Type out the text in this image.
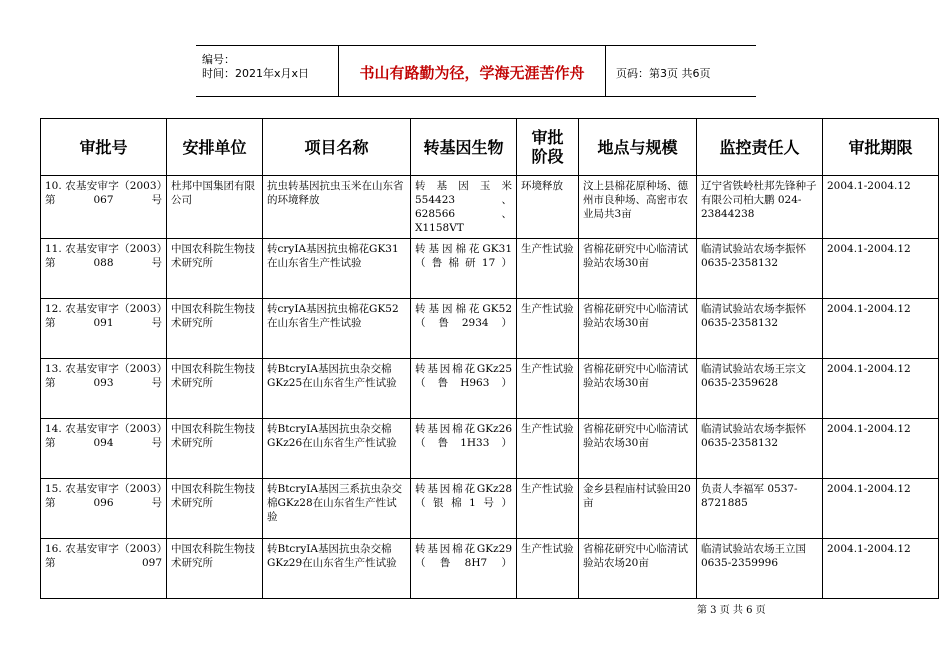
编号：
时间：2021年x月x日	书山有路勤为径，学海无涯苦作舟	页码：第3页 共6页
审批号	安排单位	项目名称	转基因生物	审批阶段	地点与规模	监控责任人	审批期限
10. 农基安审字（2003）第067号	杜邦中国集团有限公司	抗虫转基因抗虫玉米在山东省的环境释放	转基因玉米554423、628566、X1158VT	环境释放	汶上县棉花原种场、德州市良种场、高密市农业局共3亩	辽宁省铁岭杜邦先锋种子有限公司柏大鹏 024-23844238	2004.1-2004.12
11. 农基安审字（2003）第088号	中国农科院生物技术研究所	转cryIA基因抗虫棉花GK31在山东省生产性试验	转基因棉花GK31（鲁棉研17）	生产性试验	省棉花研究中心临清试验站农场30亩	临清试验站农场李振怀 0635-2358132	2004.1-2004.12
12. 农基安审字（2003）第091号	中国农科院生物技术研究所	转cryIA基因抗虫棉花GK52在山东省生产性试验	转基因棉花GK52（鲁2934）	生产性试验	省棉花研究中心临清试验站农场30亩	临清试验站农场李振怀 0635-2358132	2004.1-2004.12
13. 农基安审字（2003）第093号	中国农科院生物技术研究所	转BtcryIA基因抗虫杂交棉GKz25在山东省生产性试验	转基因棉花GKz25（鲁H963）	生产性试验	省棉花研究中心临清试验站农场30亩	临清试验站农场王宗文 0635-2359628	2004.1-2004.12
14. 农基安审字（2003）第094号	中国农科院生物技术研究所	转BtcryIA基因抗虫杂交棉GKz26在山东省生产性试验	转基因棉花GKz26（鲁1H33）	生产性试验	省棉花研究中心临清试验站农场30亩	临清试验站农场李振怀 0635-2358132	2004.1-2004.12
15. 农基安审字（2003）第096号	中国农科院生物技术研究所	转BtcryIA基因三系抗虫杂交棉GKz28在山东省生产性试验	转基因棉花GKz28（银棉1号）	生产性试验	金乡县程庙村试验田20亩	负责人李福军 0537-8721885	2004.1-2004.12
16. 农基安审字（2003）第097	中国农科院生物技术研究所	转BtcryIA基因抗虫杂交棉GKz29在山东省生产性试验	转基因棉花GKz29（鲁8H7）	生产性试验	省棉花研究中心临清试验站农场20亩	临清试验站农场王立国 0635-2359996	2004.1-2004.12
第 3 页 共 6 页
